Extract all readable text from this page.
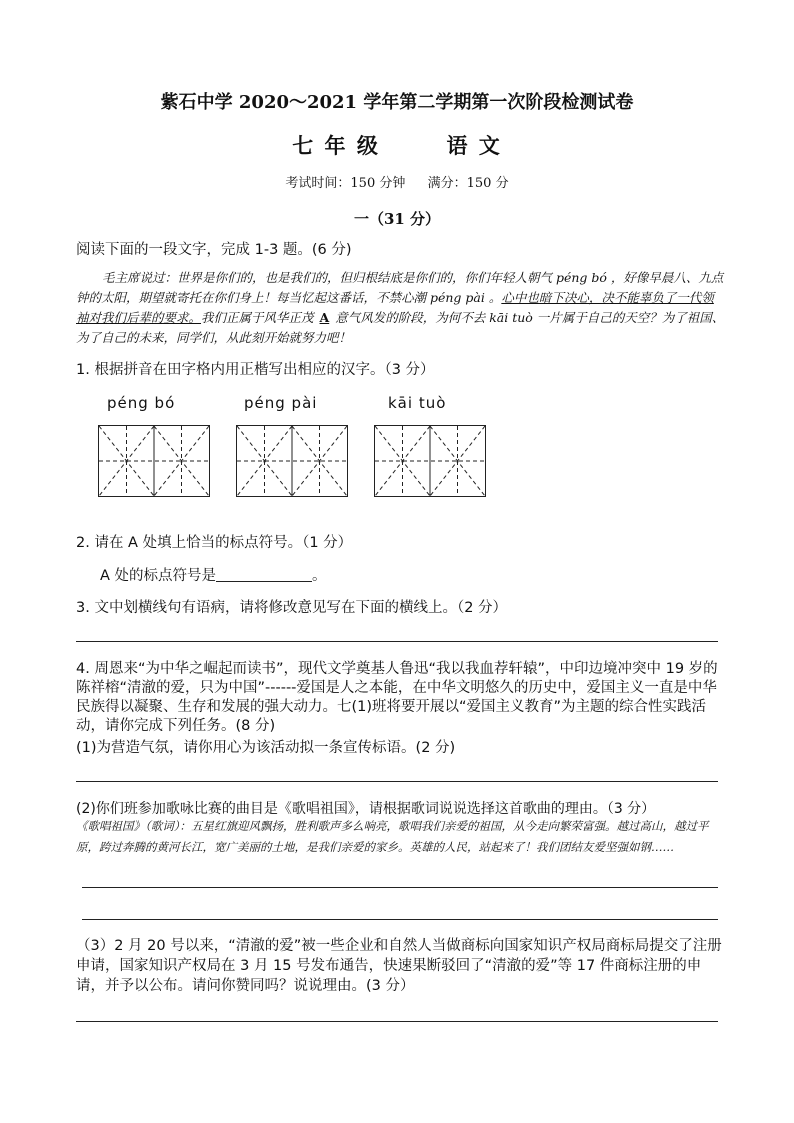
紫石中学 2020～2021 学年第二学期第一次阶段检测试卷
七 年 级	语 文
考试时间：150 分钟 满分：150 分
一（31 分）
阅读下面的一段文字，完成 1-3 题。(6 分)
毛主席说过：世界是你们的，也是我们的，但归根结底是你们的，你们年轻人朝气 péng bó ，好像早晨八、九点钟的太阳，期望就寄托在你们身上！每当忆起这番话，不禁心潮 péng pài 。心中也暗下决心，决不能辜负了一代领袖对我们后辈的要求。我们正属于风华正茂 A 意气风发的阶段，为何不去 kāi tuò 一片属于自己的天空？为了祖国、为了自己的未来，同学们，从此刻开始就努力吧！
1. 根据拼音在田字格内用正楷写出相应的汉字。（3 分）
péng bó	péng pài	kāi tuò
2. 请在 A 处填上恰当的标点符号。（1 分）
A 处的标点符号是	。
3. 文中划横线句有语病，请将修改意见写在下面的横线上。（2 分）
4. 周恩来“为中华之崛起而读书”，现代文学奠基人鲁迅“我以我血荐轩辕”，中印边境冲突中 19 岁的陈祥榕“清澈的爱，只为中国”------爱国是人之本能，在中华文明悠久的历史中，爱国主义一直是中华民族得以凝聚、生存和发展的强大动力。七(1)班将要开展以“爱国主义教育”为主题的综合性实践活动，请你完成下列任务。(8 分)
(1)为营造气氛，请你用心为该活动拟一条宣传标语。(2 分)
(2)你们班参加歌咏比赛的曲目是《歌唱祖国》，请根据歌词说说选择这首歌曲的理由。（3 分）
《歌唱祖国》（歌词）：五星红旗迎风飘扬，胜利歌声多么响亮，歌唱我们亲爱的祖国，从今走向繁荣富强。越过高山，越过平原，跨过奔腾的黄河长江，宽广美丽的土地，是我们亲爱的家乡。英雄的人民，站起来了！我们团结友爱坚强如钢……
（3）2 月 20 号以来，“清澈的爱”被一些企业和自然人当做商标向国家知识产权局商标局提交了注册申请，国家知识产权局在 3 月 15 号发布通告，快速果断驳回了“清澈的爱”等 17 件商标注册的申请，并予以公布。请问你赞同吗？说说理由。(3 分）
